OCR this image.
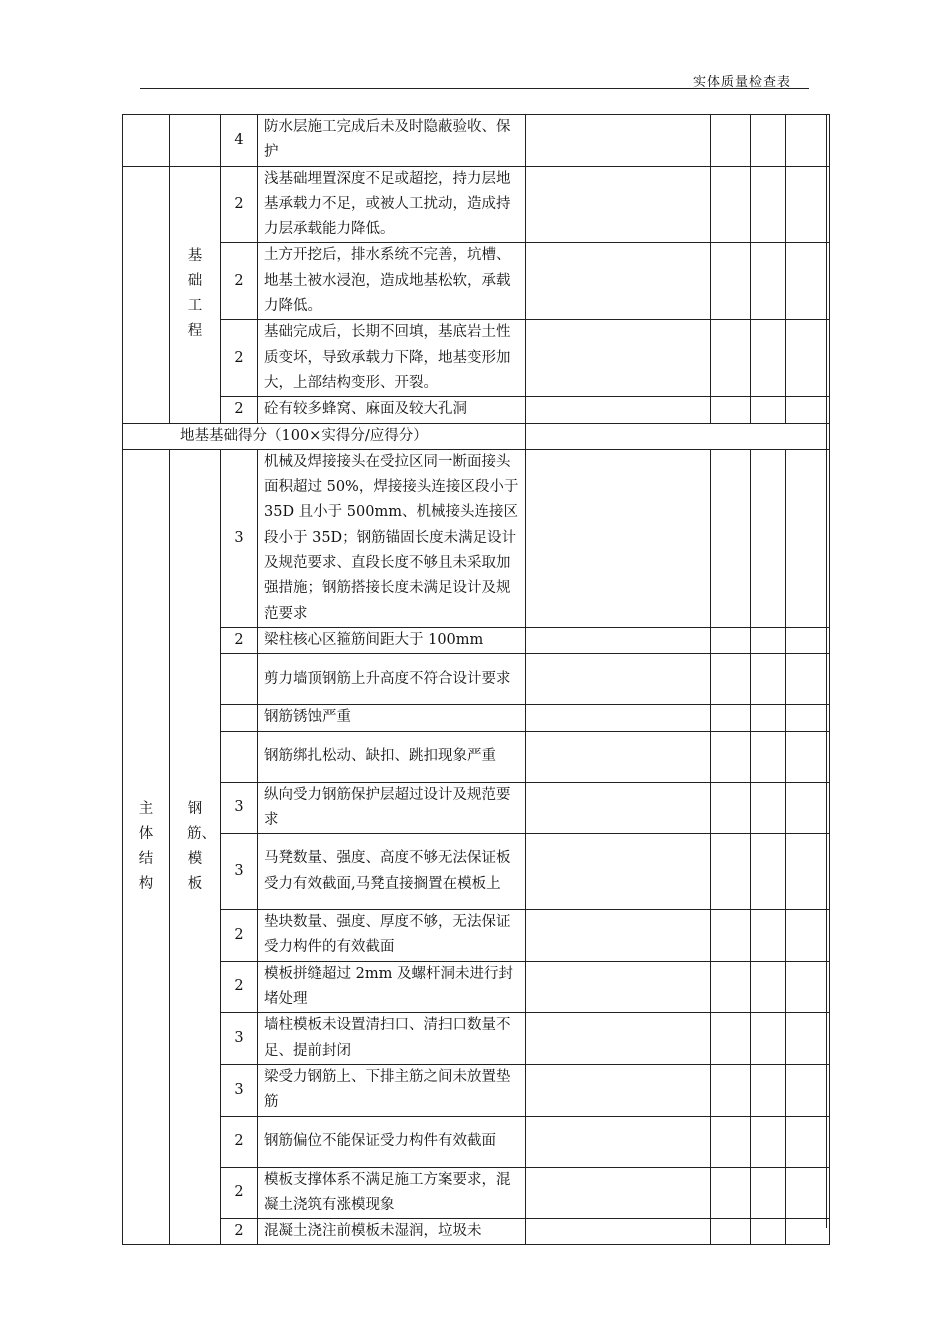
实体质量检查表
		4	防水层施工完成后未及时隐蔽验收、保护				
	基础工程	2	浅基础埋置深度不足或超挖，持力层地基承载力不足，或被人工扰动，造成持力层承载能力降低。				
		2	土方开挖后，排水系统不完善，坑槽、地基土被水浸泡，造成地基松软，承载力降低。				
		2	基础完成后，长期不回填，基底岩土性质变坏，导致承载力下降，地基变形加大，上部结构变形、开裂。				
		2	砼有较多蜂窝、麻面及较大孔洞				
地基基础得分（100×实得分/应得分）							
主体结构	钢筋、模板	3	机械及焊接接头在受拉区同一断面接头面积超过 50%，焊接接头连接区段小于 35D 且小于 500mm、机械接头连接区段小于 35D；钢筋锚固长度未满足设计及规范要求、直段长度不够且未采取加强措施；钢筋搭接长度未满足设计及规范要求				
		2	梁柱核心区箍筋间距大于 100mm				
			剪力墙顶钢筋上升高度不符合设计要求				
			钢筋锈蚀严重				
			钢筋绑扎松动、缺扣、跳扣现象严重				
		3	纵向受力钢筋保护层超过设计及规范要求				
		3	马凳数量、强度、高度不够无法保证板受力有效截面,马凳直接搁置在模板上				
		2	垫块数量、强度、厚度不够，无法保证受力构件的有效截面				
		2	模板拼缝超过 2mm 及螺杆洞未进行封堵处理				
		3	墙柱模板未设置清扫口、清扫口数量不足、提前封闭				
		3	梁受力钢筋上、下排主筋之间未放置垫筋				
		2	钢筋偏位不能保证受力构件有效截面				
		2	模板支撑体系不满足施工方案要求，混凝土浇筑有涨模现象				
		2	混凝土浇注前模板未湿润，垃圾未				
